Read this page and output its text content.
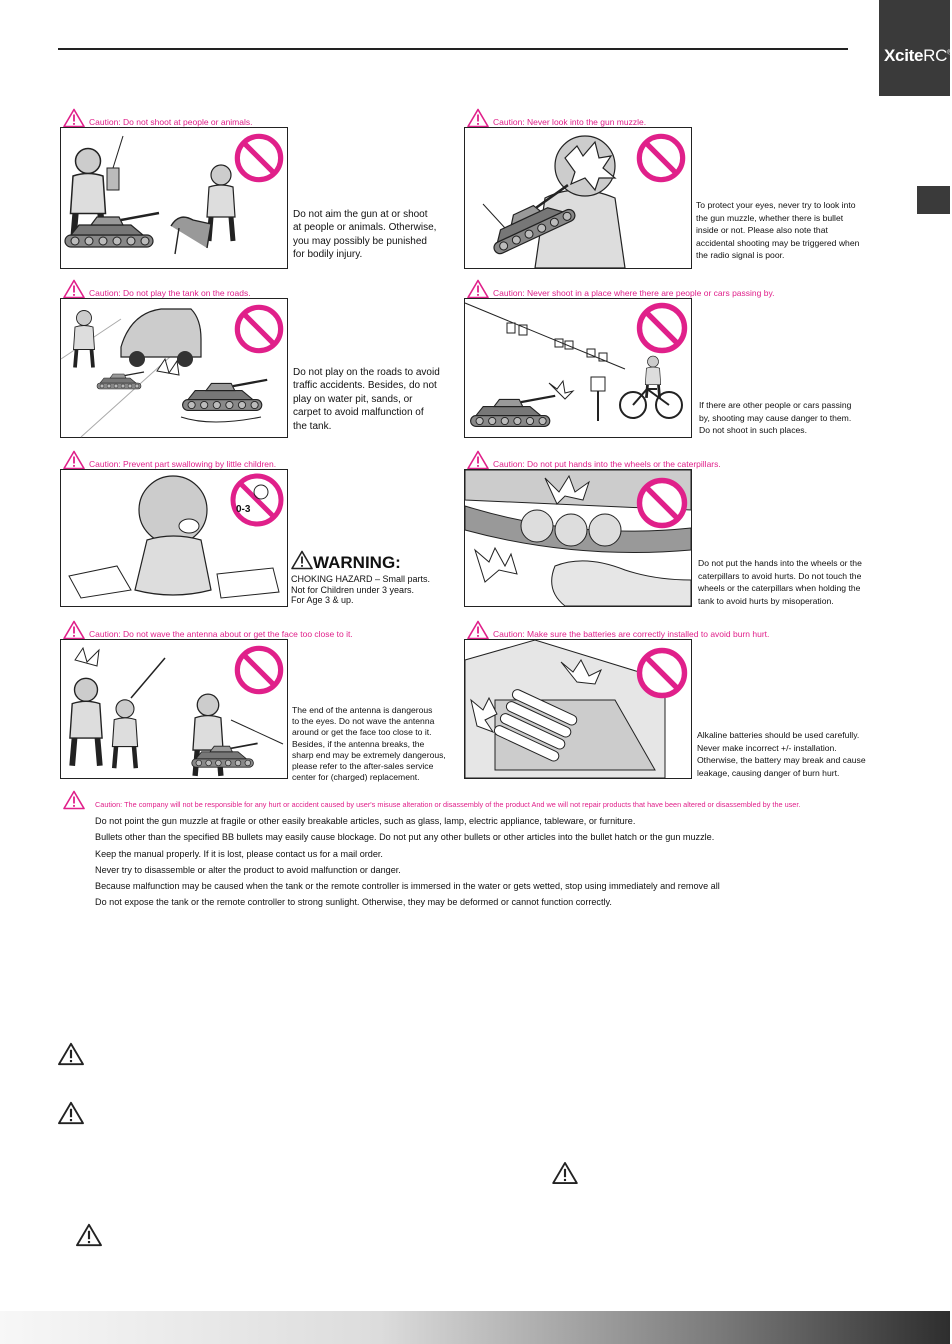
XciteRC®
Caution: Do not shoot at people or animals.

Do not aim the gun at or shoot

at people or animals. Otherwise,

you may possibly be punished

for bodily injury.

Caution: Never look into the gun muzzle.

To protect your eyes, never try to look into

the gun muzzle, whether there is bullet

inside or not. Please also note that

accidental shooting may be triggered when

the radio signal is poor.

Caution: Do not play the tank on the roads.

Do not play on the roads to avoid

traffic accidents. Besides, do not

play on water pit, sands, or

carpet to avoid malfunction of

the tank.

Caution: Never shoot in a place where there are people or cars passing by.

If there are other people or cars passing

by, shooting may cause danger to them.

Do not shoot in such places.

Caution: Prevent part swallowing by little children.
0-3
WARNING:
CHOKING HAZARD – Small parts.
Not for Children under 3 years.
For Age 3 & up.
Caution: Do not put hands into the wheels or the caterpillars.

Do not put the hands into the wheels or the

caterpillars to avoid hurts. Do not touch the

wheels or the caterpillars when holding the

tank to avoid hurts by misoperation.

Caution: Do not wave the antenna about or get the face too close to it.

The end of the antenna is dangerous

to the eyes. Do not wave the antenna

around or get the face too close to it.

Besides, if the antenna breaks, the

sharp end may be extremely dangerous,

please refer to the after-sales service

center for (charged) replacement.

Caution: Make sure the batteries are correctly installed to avoid burn hurt.

Alkaline batteries should be used carefully.

Never make incorrect +/- installation.

Otherwise, the battery may break and cause

leakage, causing danger of burn hurt.

Caution: The company will not be responsible for any hurt or accident caused by user's misuse alteration or disassembly of the product And we will not repair products that have been altered or disassembled by the user.
Do not point the gun muzzle at fragile or other easily breakable articles, such as glass, lamp, electric appliance, tableware, or furniture.
Bullets other than the specified BB bullets may easily cause blockage. Do not put any other bullets or other articles into the bullet hatch or the gun muzzle.
Keep the manual properly. If it is lost, please contact us for a mail order.
Never try to disassemble or alter the product to avoid malfunction or danger.
Because malfunction may be caused when the tank or the remote controller is immersed in the water or gets wetted, stop using immediately and remove all
Do not expose the tank or the remote controller to strong sunlight. Otherwise, they may be deformed or cannot function correctly.
